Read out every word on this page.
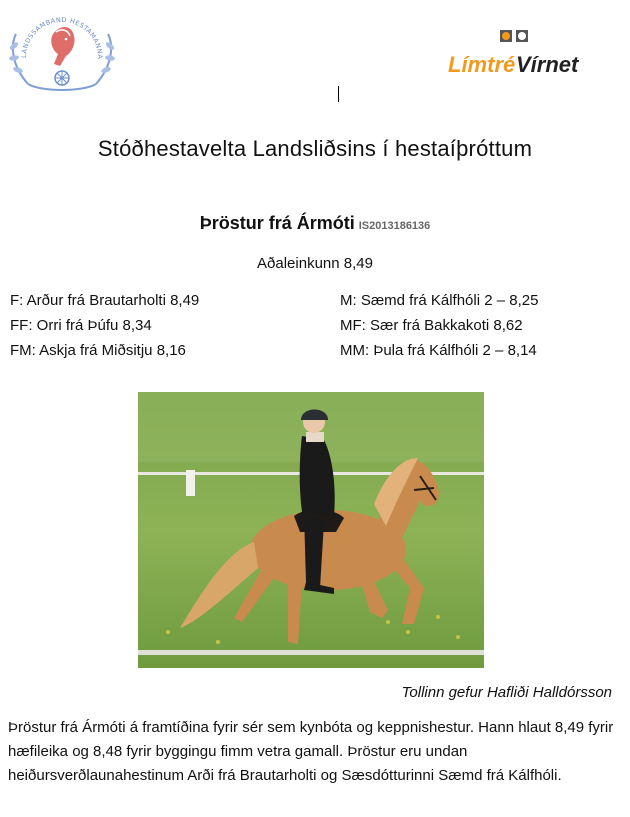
LANDSSAMBAND HESTAMANNA	Límtré Vírnet
Stóðhestavelta Landsliðsins í hestaíþróttum
Þröstur frá Ármóti IS2013186136
Aðaleinkunn 8,49
F: Arður frá Brautarholti 8,49
FF: Orri frá Þúfu 8,34
FM: Askja frá Miðsitju 8,16
M: Sæmd frá Kálfhóli 2 – 8,25
MF: Sær frá Bakkakoti 8,62
MM: Þula frá Kálfhóli 2 – 8,14
Tollinn gefur Hafliði Halldórsson
Þröstur frá Ármóti á framtíðina fyrir sér sem kynbóta og keppnishestur. Hann hlaut 8,49 fyrir hæfileika og 8,48 fyrir byggingu fimm vetra gamall. Þröstur eru undan heiðursverðlaunahestinum Arði frá Brautarholti og Sæsdótturinni Sæmd frá Kálfhóli.
